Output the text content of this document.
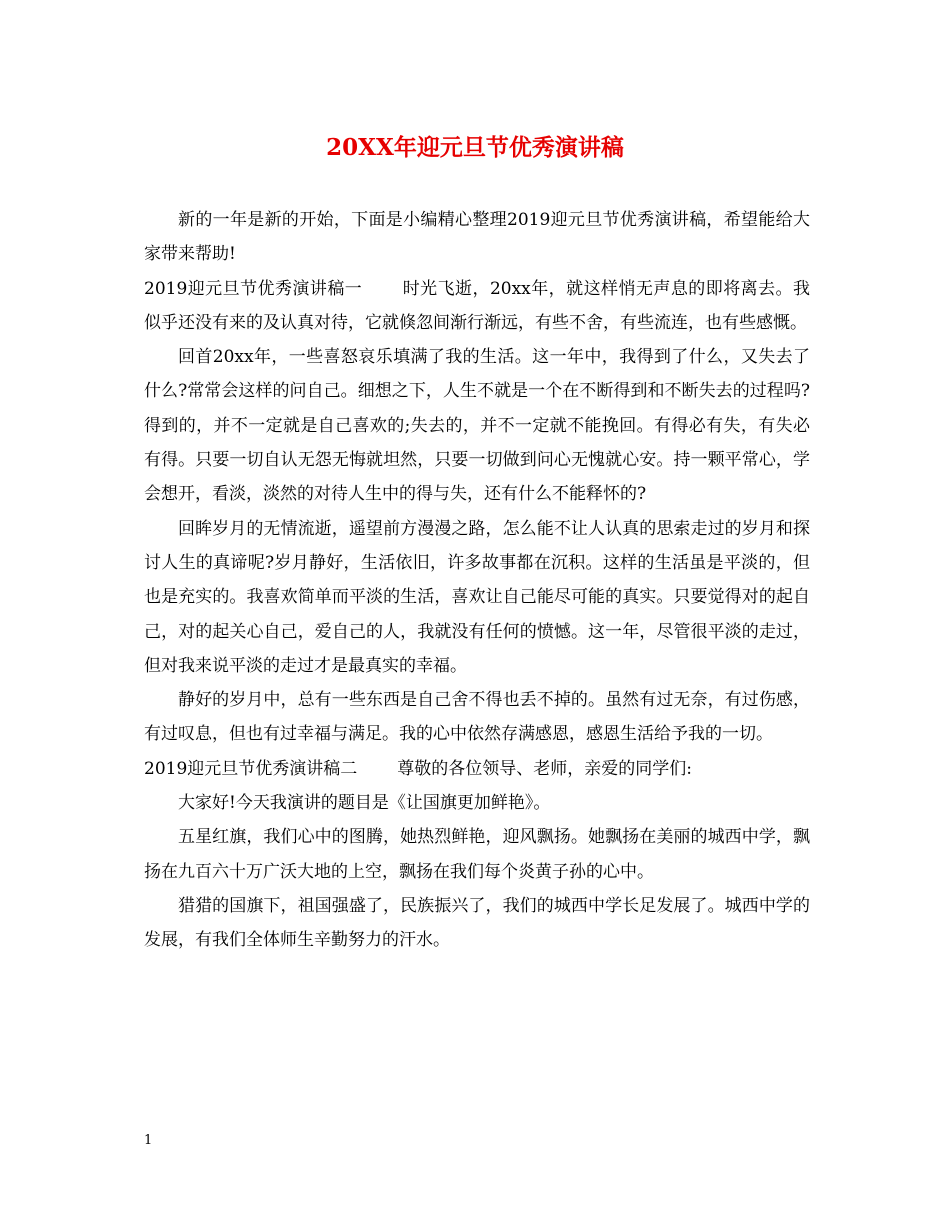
20XX年迎元旦节优秀演讲稿

新的一年是新的开始，下面是小编精心整理2019迎元旦节优秀演讲稿，希望能给大家带来帮助!

2019迎元旦节优秀演讲稿一 时光飞逝，20xx年，就这样悄无声息的即将离去。我似乎还没有来的及认真对待，它就倏忽间渐行渐远，有些不舍，有些流连，也有些感慨。

回首20xx年，一些喜怒哀乐填满了我的生活。这一年中，我得到了什么，又失去了什么?常常会这样的问自己。细想之下，人生不就是一个在不断得到和不断失去的过程吗?得到的，并不一定就是自己喜欢的;失去的，并不一定就不能挽回。有得必有失，有失必有得。只要一切自认无怨无悔就坦然，只要一切做到问心无愧就心安。持一颗平常心，学会想开，看淡，淡然的对待人生中的得与失，还有什么不能释怀的?

回眸岁月的无情流逝，遥望前方漫漫之路，怎么能不让人认真的思索走过的岁月和探讨人生的真谛呢?岁月静好，生活依旧，许多故事都在沉积。这样的生活虽是平淡的，但也是充实的。我喜欢简单而平淡的生活，喜欢让自己能尽可能的真实。只要觉得对的起自己，对的起关心自己，爱自己的人，我就没有任何的愤憾。这一年，尽管很平淡的走过，但对我来说平淡的走过才是最真实的幸福。

静好的岁月中，总有一些东西是自己舍不得也丢不掉的。虽然有过无奈，有过伤感，有过叹息，但也有过幸福与满足。我的心中依然存满感恩，感恩生活给予我的一切。

2019迎元旦节优秀演讲稿二 尊敬的各位领导、老师，亲爱的同学们:

大家好!今天我演讲的题目是《让国旗更加鲜艳》。

五星红旗，我们心中的图腾，她热烈鲜艳，迎风飘扬。她飘扬在美丽的城西中学，飘扬在九百六十万广沃大地的上空，飘扬在我们每个炎黄子孙的心中。

猎猎的国旗下，祖国强盛了，民族振兴了，我们的城西中学长足发展了。城西中学的发展，有我们全体师生辛勤努力的汗水。

1
